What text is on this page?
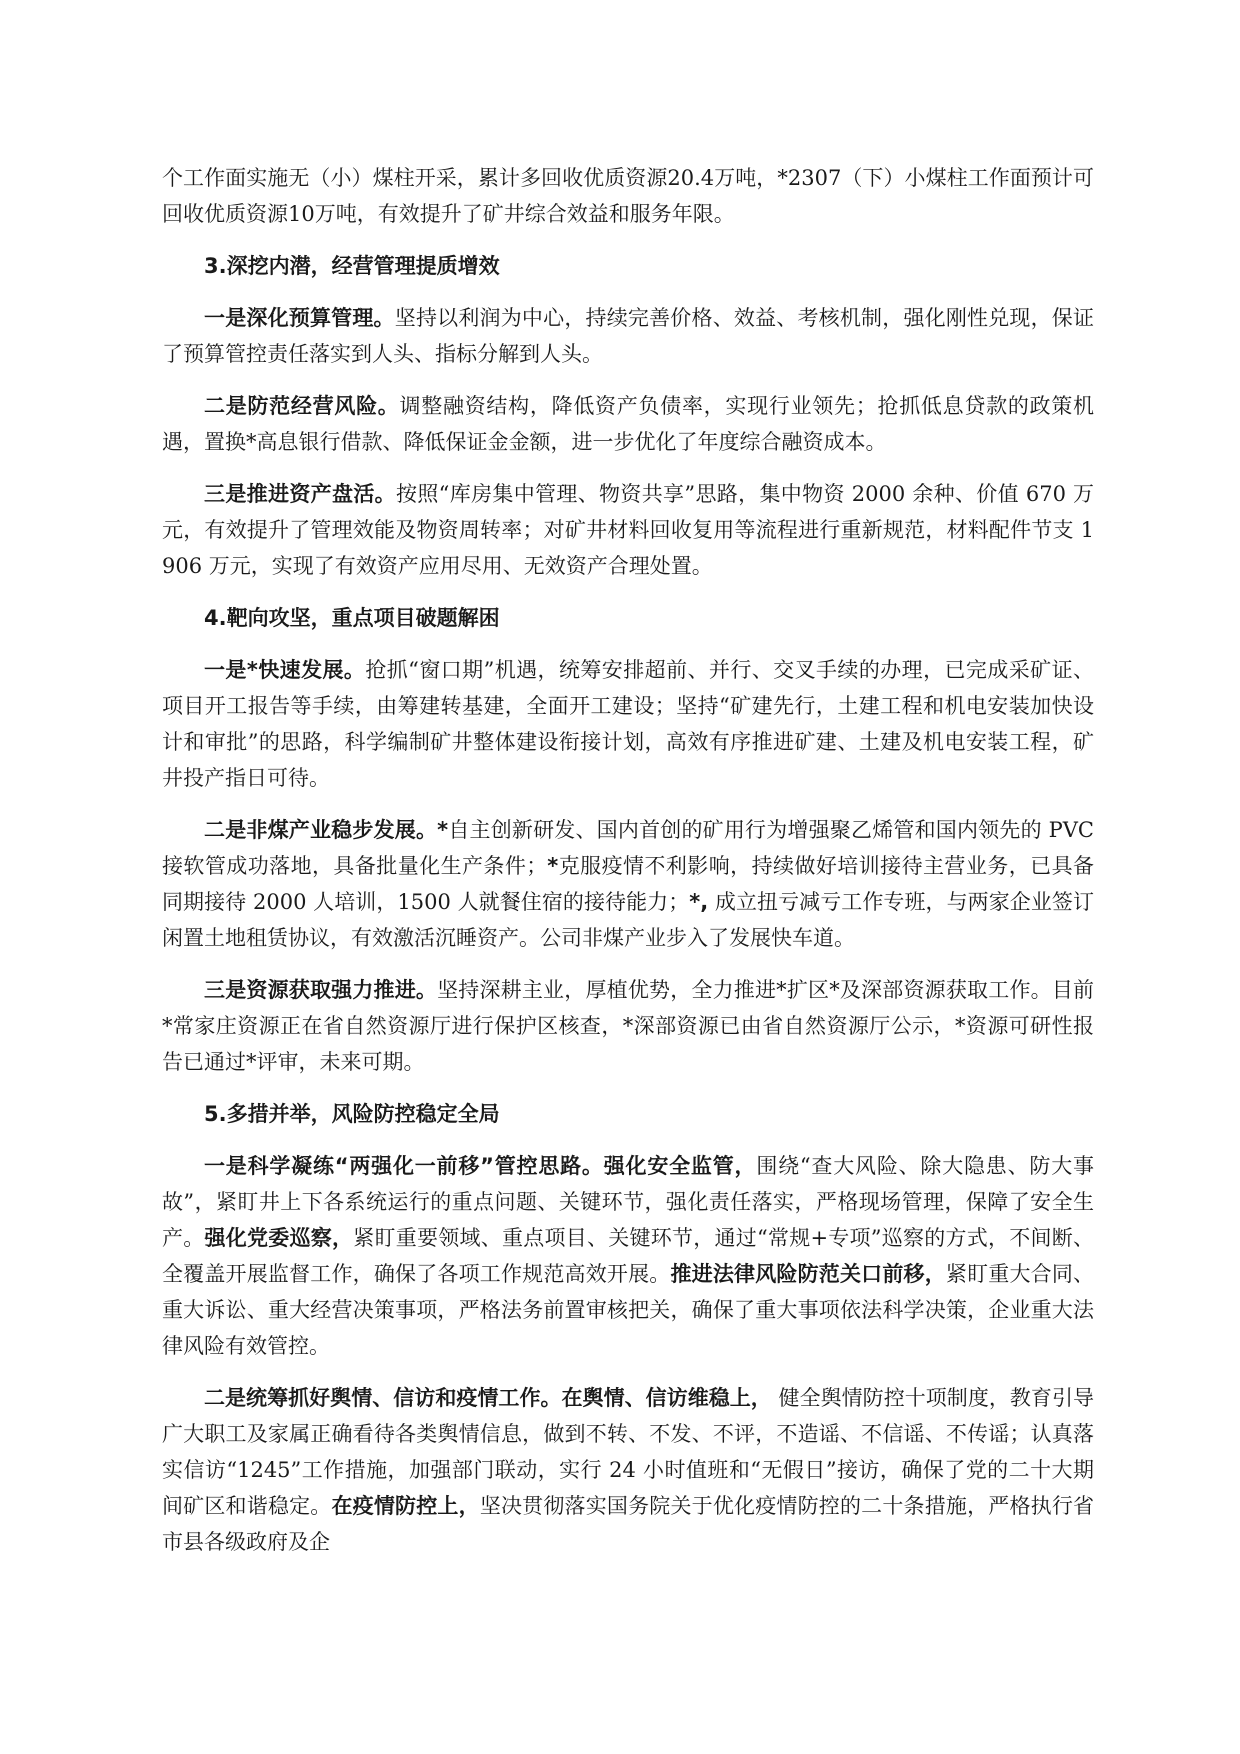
个工作面实施无（小）煤柱开采，累计多回收优质资源20.4万吨，*2307（下）小煤柱工作面预计可回收优质资源10万吨，有效提升了矿井综合效益和服务年限。

3.深挖内潜，经营管理提质增效

一是深化预算管理。坚持以利润为中心，持续完善价格、效益、考核机制，强化刚性兑现，保证了预算管控责任落实到人头、指标分解到人头。

二是防范经营风险。调整融资结构，降低资产负债率，实现行业领先；抢抓低息贷款的政策机遇，置换*高息银行借款、降低保证金金额，进一步优化了年度综合融资成本。

三是推进资产盘活。按照“库房集中管理、物资共享”思路，集中物资 2000 余种、价值 670 万元，有效提升了管理效能及物资周转率；对矿井材料回收复用等流程进行重新规范，材料配件节支 1906 万元，实现了有效资产应用尽用、无效资产合理处置。

4.靶向攻坚，重点项目破题解困

一是*快速发展。抢抓“窗口期”机遇，统筹安排超前、并行、交叉手续的办理，已完成采矿证、项目开工报告等手续，由筹建转基建，全面开工建设；坚持“矿建先行，土建工程和机电安装加快设计和审批”的思路，科学编制矿井整体建设衔接计划，高效有序推进矿建、土建及机电安装工程，矿井投产指日可待。

二是非煤产业稳步发展。*自主创新研发、国内首创的矿用行为增强聚乙烯管和国内领先的 PVC 接软管成功落地，具备批量化生产条件；*克服疫情不利影响，持续做好培训接待主营业务，已具备同期接待 2000 人培训，1500 人就餐住宿的接待能力；*, 成立扭亏减亏工作专班，与两家企业签订闲置土地租赁协议，有效激活沉睡资产。公司非煤产业步入了发展快车道。

三是资源获取强力推进。坚持深耕主业，厚植优势，全力推进*扩区*及深部资源获取工作。目前*常家庄资源正在省自然资源厅进行保护区核查，*深部资源已由省自然资源厅公示，*资源可研性报告已通过*评审，未来可期。

5.多措并举，风险防控稳定全局

一是科学凝练“两强化一前移”管控思路。强化安全监管，围绕“查大风险、除大隐患、防大事故”，紧盯井上下各系统运行的重点问题、关键环节，强化责任落实，严格现场管理，保障了安全生产。强化党委巡察，紧盯重要领域、重点项目、关键环节，通过“常规+专项”巡察的方式，不间断、全覆盖开展监督工作，确保了各项工作规范高效开展。推进法律风险防范关口前移，紧盯重大合同、重大诉讼、重大经营决策事项，严格法务前置审核把关，确保了重大事项依法科学决策，企业重大法律风险有效管控。

二是统筹抓好舆情、信访和疫情工作。在舆情、信访维稳上， 健全舆情防控十项制度，教育引导广大职工及家属正确看待各类舆情信息，做到不转、不发、不评，不造谣、不信谣、不传谣；认真落实信访“1245”工作措施，加强部门联动，实行 24 小时值班和“无假日”接访，确保了党的二十大期间矿区和谐稳定。在疫情防控上，坚决贯彻落实国务院关于优化疫情防控的二十条措施，严格执行省市县各级政府及企
